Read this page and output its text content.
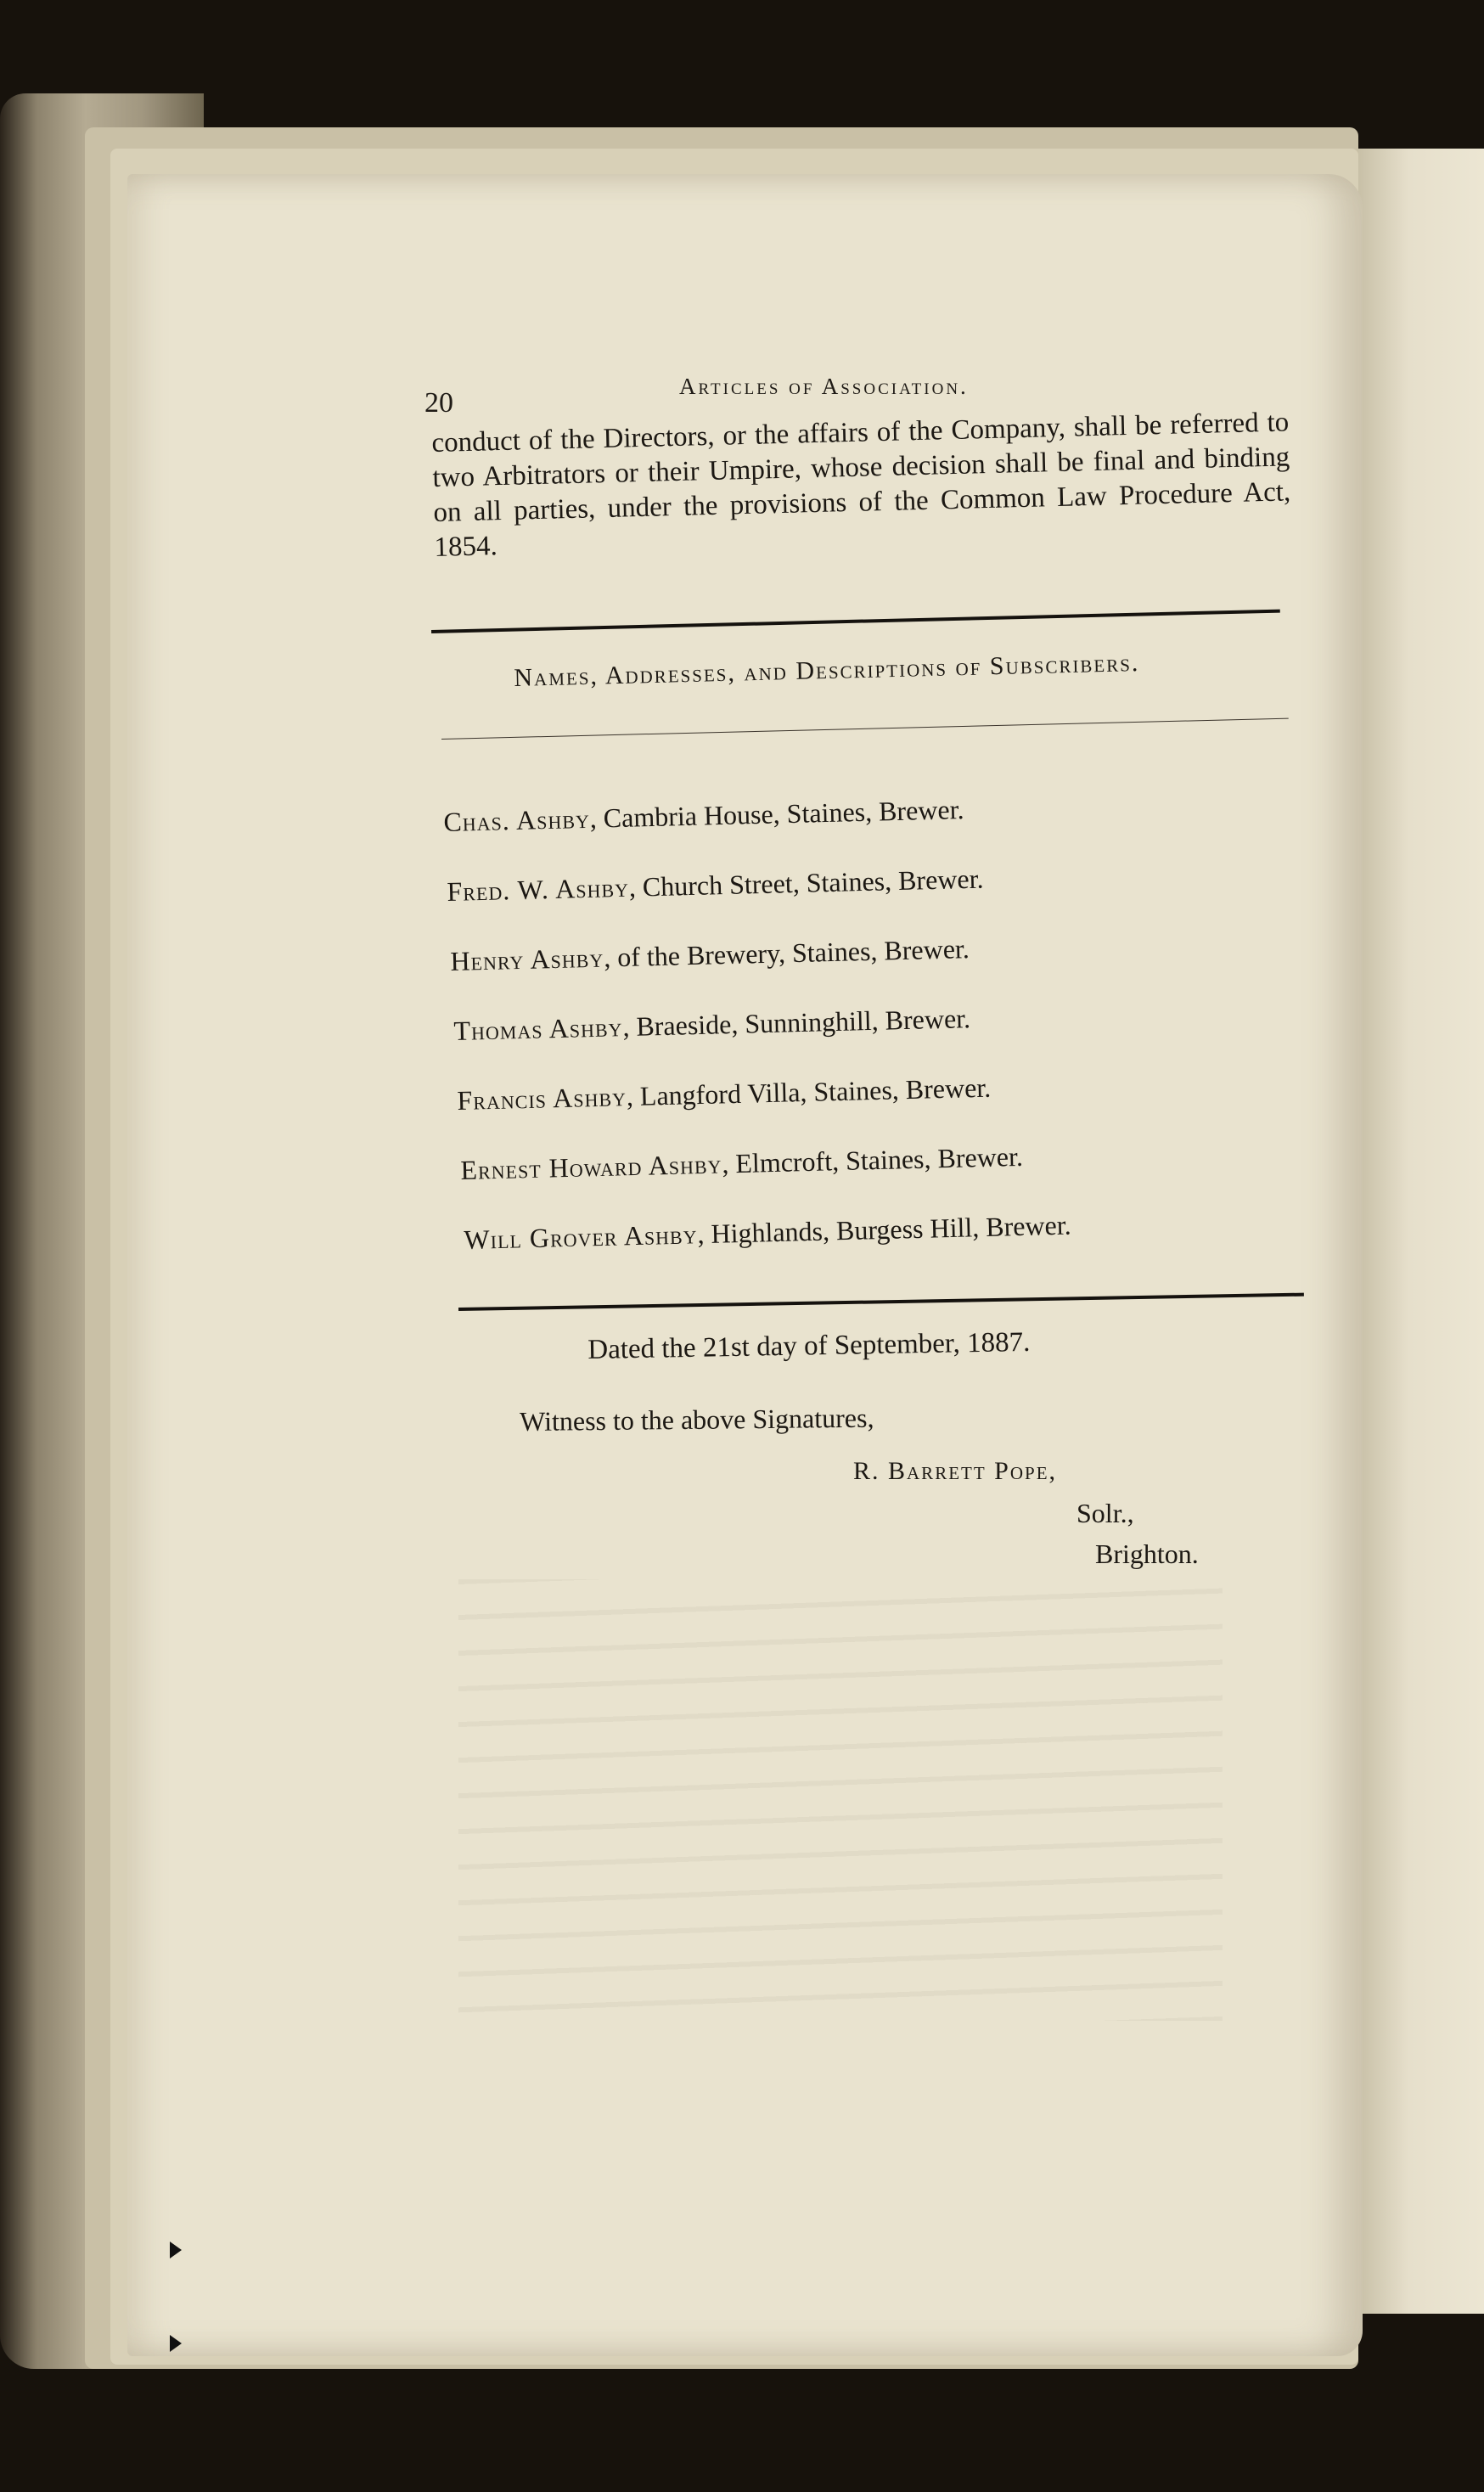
20
Articles of Association.
conduct of the Directors, or the affairs of the Company, shall be referred to two Arbitrators or their Umpire, whose decision shall be final and binding on all parties, under the provisions of the Common Law Procedure Act, 1854.
Names, Addresses, and Descriptions of Subscribers.
Chas. Ashby, Cambria House, Staines, Brewer.
Fred. W. Ashby, Church Street, Staines, Brewer.
Henry Ashby, of the Brewery, Staines, Brewer.
Thomas Ashby, Braeside, Sunninghill, Brewer.
Francis Ashby, Langford Villa, Staines, Brewer.
Ernest Howard Ashby, Elmcroft, Staines, Brewer.
Will Grover Ashby, Highlands, Burgess Hill, Brewer.
Dated the 21st day of September, 1887.
Witness to the above Signatures,
R. Barrett Pope,
Solr.,
Brighton.
